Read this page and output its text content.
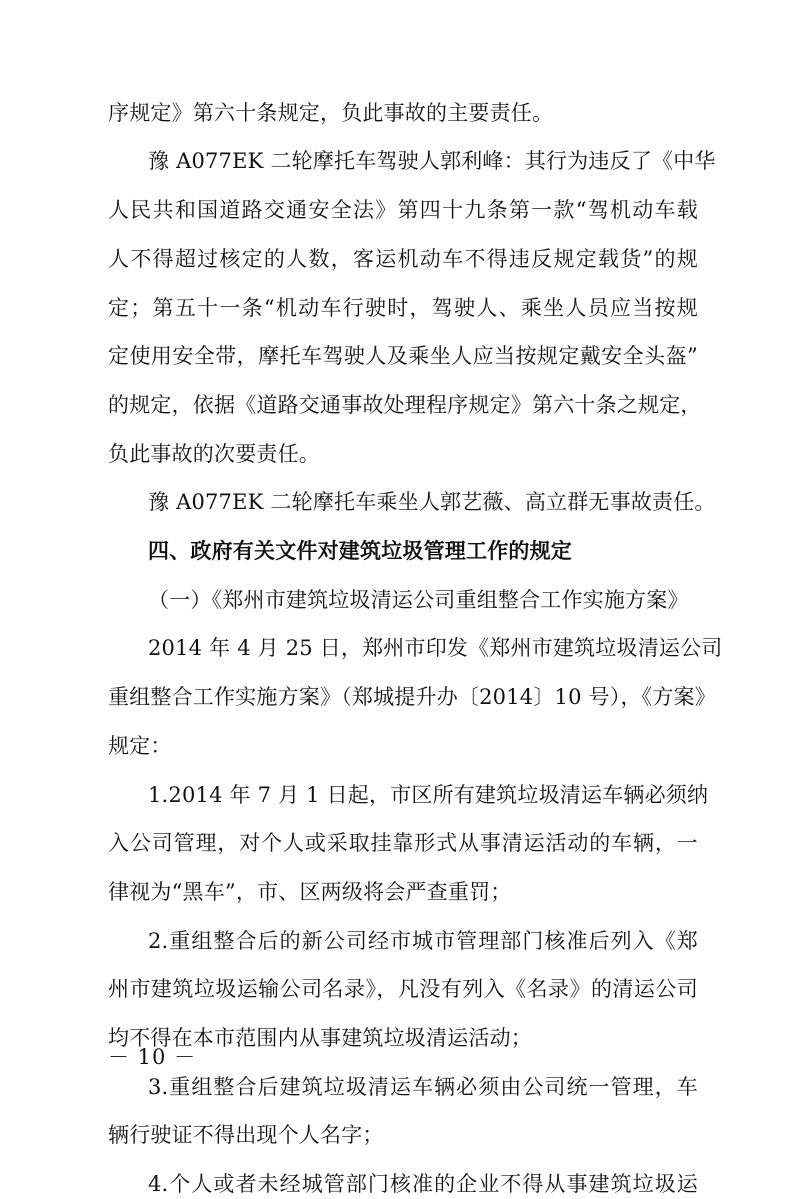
序规定》第六十条规定，负此事故的主要责任。
豫 A077EK 二轮摩托车驾驶人郭利峰：其行为违反了《中华
人民共和国道路交通安全法》第四十九条第一款“驾机动车载
人不得超过核定的人数，客运机动车不得违反规定载货”的规
定；第五十一条“机动车行驶时，驾驶人、乘坐人员应当按规
定使用安全带，摩托车驾驶人及乘坐人应当按规定戴安全头盔”
的规定，依据《道路交通事故处理程序规定》第六十条之规定，
负此事故的次要责任。
豫 A077EK 二轮摩托车乘坐人郭艺薇、高立群无事故责任。
四、政府有关文件对建筑垃圾管理工作的规定
（一）《郑州市建筑垃圾清运公司重组整合工作实施方案》
2014 年 4 月 25 日，郑州市印发《郑州市建筑垃圾清运公司
重组整合工作实施方案》（郑城提升办〔2014〕10 号），《方案》
规定：
1.2014 年 7 月 1 日起，市区所有建筑垃圾清运车辆必须纳
入公司管理，对个人或采取挂靠形式从事清运活动的车辆，一
律视为“黑车”，市、区两级将会严查重罚；
2.重组整合后的新公司经市城市管理部门核准后列入《郑
州市建筑垃圾运输公司名录》，凡没有列入《名录》的清运公司
均不得在本市范围内从事建筑垃圾清运活动；
3.重组整合后建筑垃圾清运车辆必须由公司统一管理，车
辆行驶证不得出现个人名字；
4.个人或者未经城管部门核准的企业不得从事建筑垃圾运
－ 10 －
